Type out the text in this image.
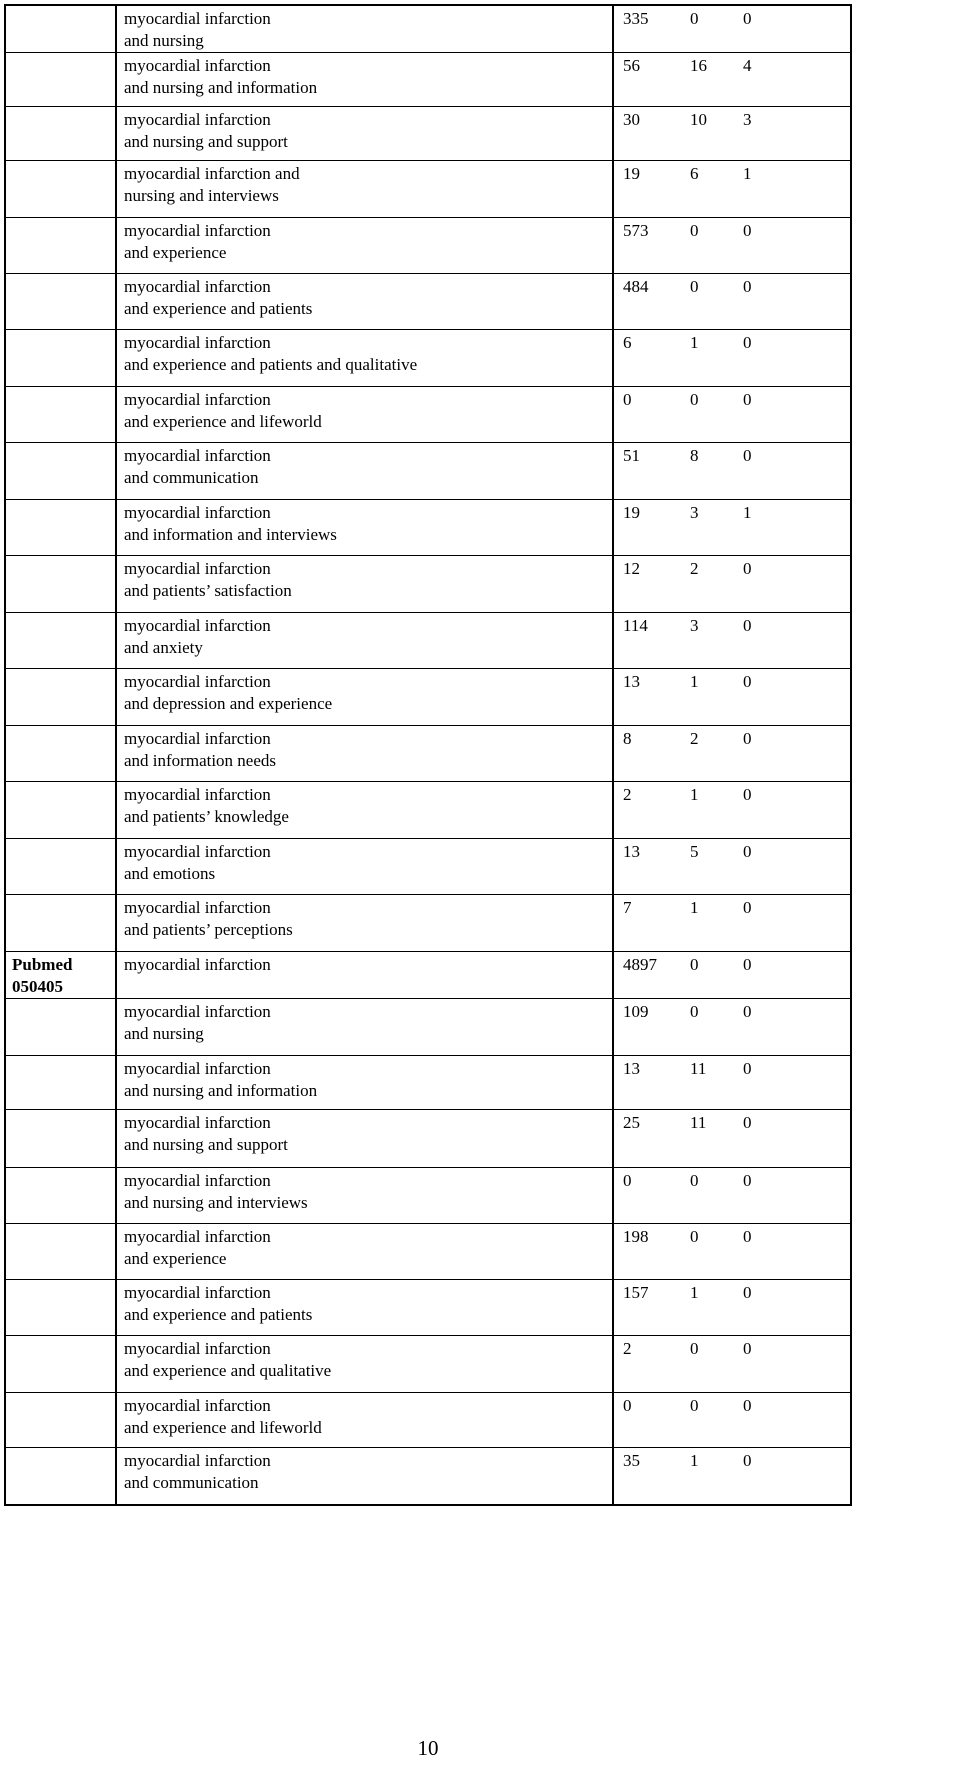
myocardial infarction
and nursing
335	0	0
myocardial infarction
and nursing and information
56	16	4
myocardial infarction
and nursing and support
30	10	3
myocardial infarction and
nursing and interviews
19	6	1
myocardial infarction
and experience
573	0	0
myocardial infarction
and experience and patients
484	0	0
myocardial infarction
and experience and patients and qualitative
6	1	0
myocardial infarction
and experience and lifeworld
0	0	0
myocardial infarction
and communication
51	8	0
myocardial infarction
and information and interviews
19	3	1
myocardial infarction
and patients’ satisfaction
12	2	0
myocardial infarction
and anxiety
114	3	0
myocardial infarction
and depression and experience
13	1	0
myocardial infarction
and information needs
8	2	0
myocardial infarction
and patients’ knowledge
2	1	0
myocardial infarction
and emotions
13	5	0
myocardial infarction
and patients’ perceptions
7	1	0
Pubmed
050405
myocardial infarction	4897	0	0
myocardial infarction
and nursing
109	0	0
myocardial infarction
and nursing and information
13	11	0
myocardial infarction
and nursing and support
25	11	0
myocardial infarction
and nursing and interviews
0	0	0
myocardial infarction
and experience
198	0	0
myocardial infarction
and experience and patients
157	1	0
myocardial infarction
and experience and qualitative
2	0	0
myocardial infarction
and experience and lifeworld
0	0	0
myocardial infarction
and communication
35	1	0
10
